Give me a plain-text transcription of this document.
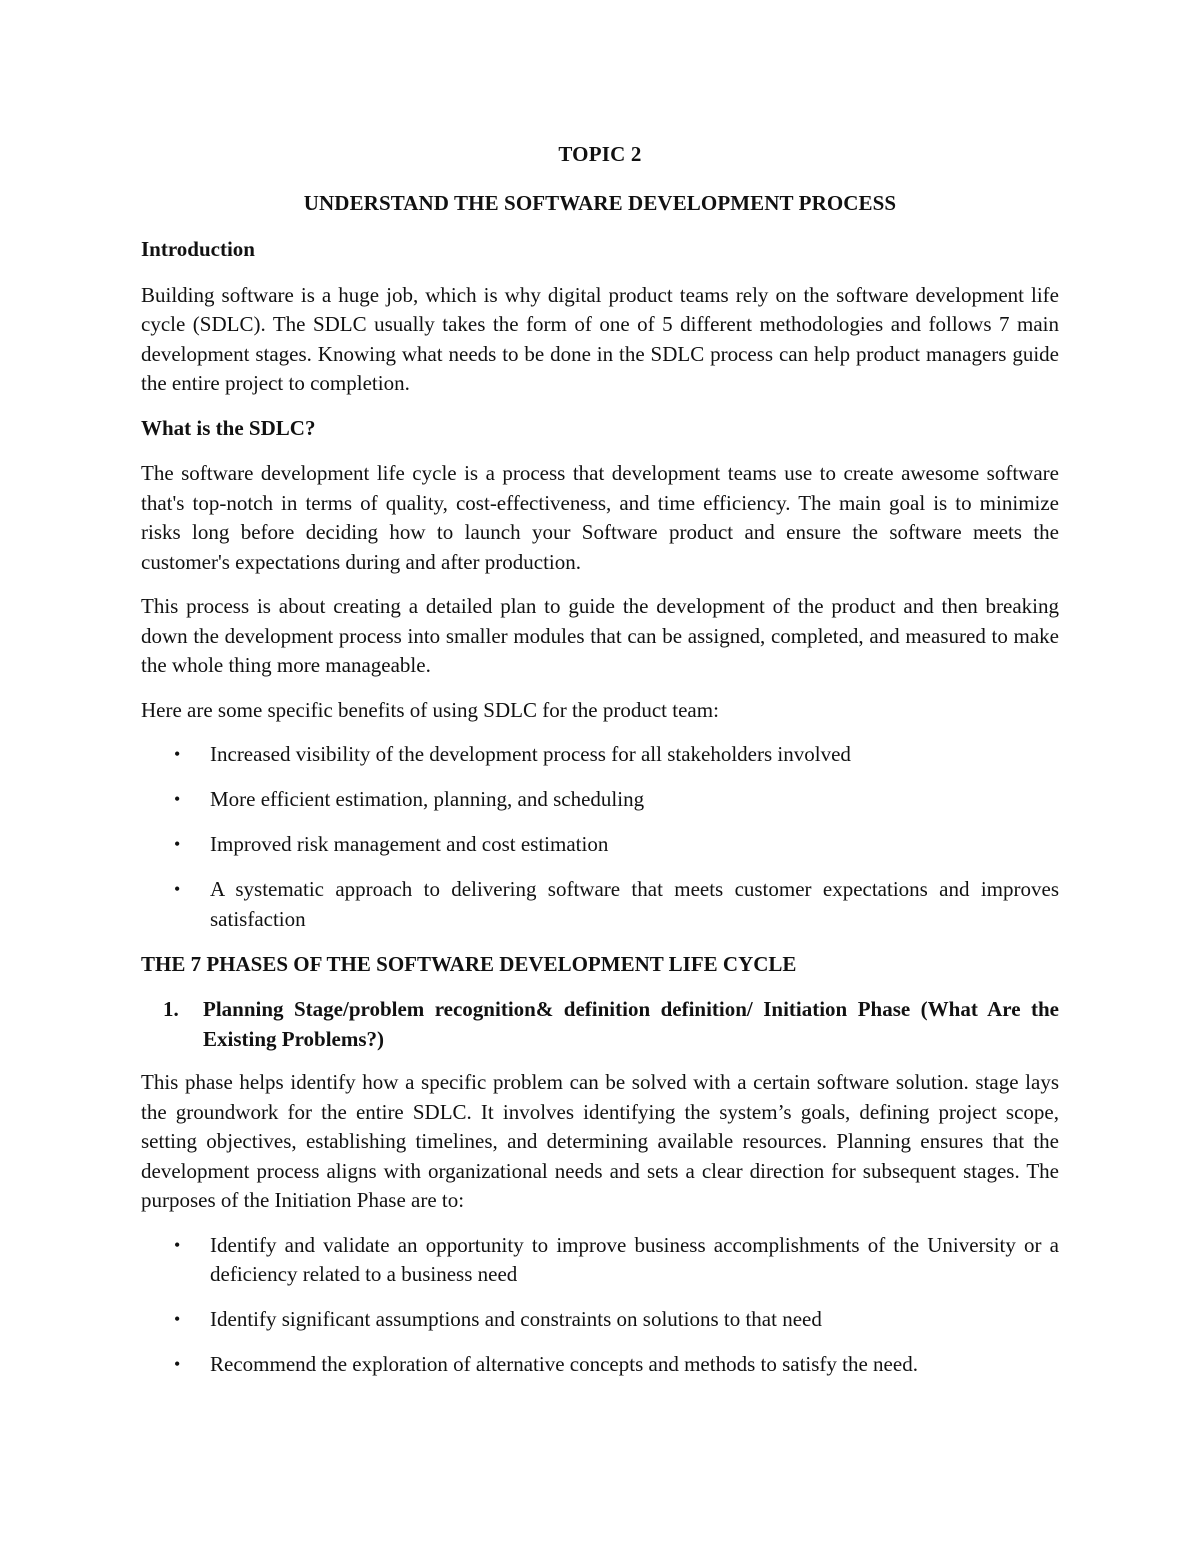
TOPIC 2
UNDERSTAND THE SOFTWARE DEVELOPMENT PROCESS
Introduction

Building software is a huge job, which is why digital product teams rely on the software development life cycle (SDLC). The SDLC usually takes the form of one of 5 different methodologies and follows 7 main development stages. Knowing what needs to be done in the SDLC process can help product managers guide the entire project to completion.

What is the SDLC?

The software development life cycle is a process that development teams use to create awesome software that's top-notch in terms of quality, cost-effectiveness, and time efficiency. The main goal is to minimize risks long before deciding how to launch your Software product and ensure the software meets the customer's expectations during and after production.

This process is about creating a detailed plan to guide the development of the product and then breaking down the development process into smaller modules that can be assigned, completed, and measured to make the whole thing more manageable.

Here are some specific benefits of using SDLC for the product team:

• Increased visibility of the development process for all stakeholders involved
• More efficient estimation, planning, and scheduling
• Improved risk management and cost estimation
• A systematic approach to delivering software that meets customer expectations and improves satisfaction
THE 7 PHASES OF THE SOFTWARE DEVELOPMENT LIFE CYCLE
1. Planning Stage/problem recognition& definition definition/ Initiation Phase (What Are the Existing Problems?)

This phase helps identify how a specific problem can be solved with a certain software solution. stage lays the groundwork for the entire SDLC. It involves identifying the system’s goals, defining project scope, setting objectives, establishing timelines, and determining available resources. Planning ensures that the development process aligns with organizational needs and sets a clear direction for subsequent stages. The purposes of the Initiation Phase are to:

• Identify and validate an opportunity to improve business accomplishments of the University or a deficiency related to a business need
• Identify significant assumptions and constraints on solutions to that need
• Recommend the exploration of alternative concepts and methods to satisfy the need.
